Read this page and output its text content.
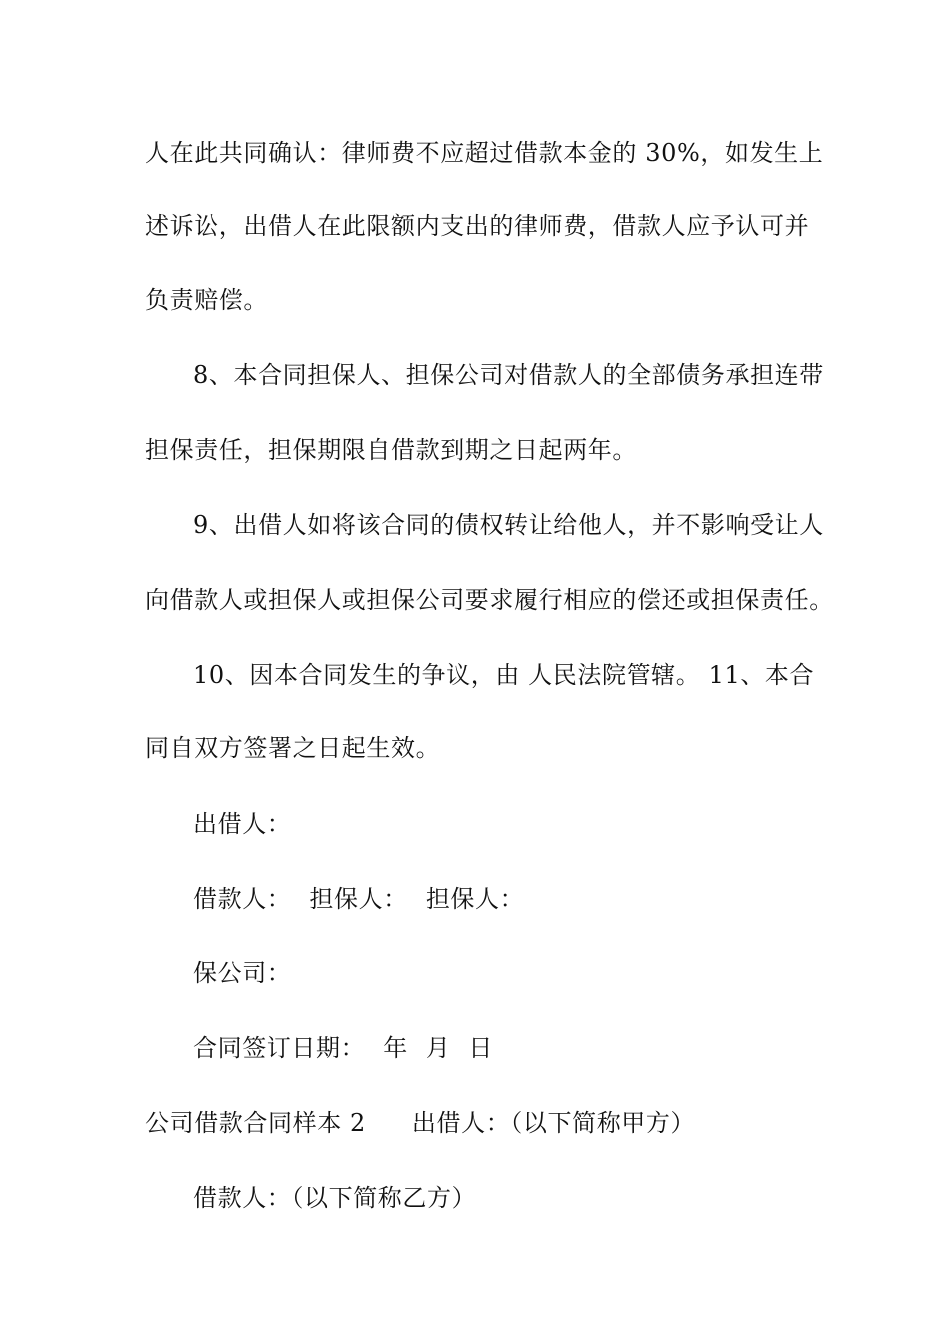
人在此共同确认：律师费不应超过借款本金的 30%，如发生上
述诉讼，出借人在此限额内支出的律师费，借款人应予认可并
负责赔偿。
8、本合同担保人、担保公司对借款人的全部债务承担连带
担保责任，担保期限自借款到期之日起两年。
9、出借人如将该合同的债权转让给他人，并不影响受让人
向借款人或担保人或担保公司要求履行相应的偿还或担保责任。
10、因本合同发生的争议，由 人民法院管辖。 11、本合
同自双方签署之日起生效。
出借人：
借款人： 担保人： 担保人：
保公司：
合同签订日期： 年 月 日
公司借款合同样本 2 出借人：（以下简称甲方）
借款人：（以下简称乙方）
